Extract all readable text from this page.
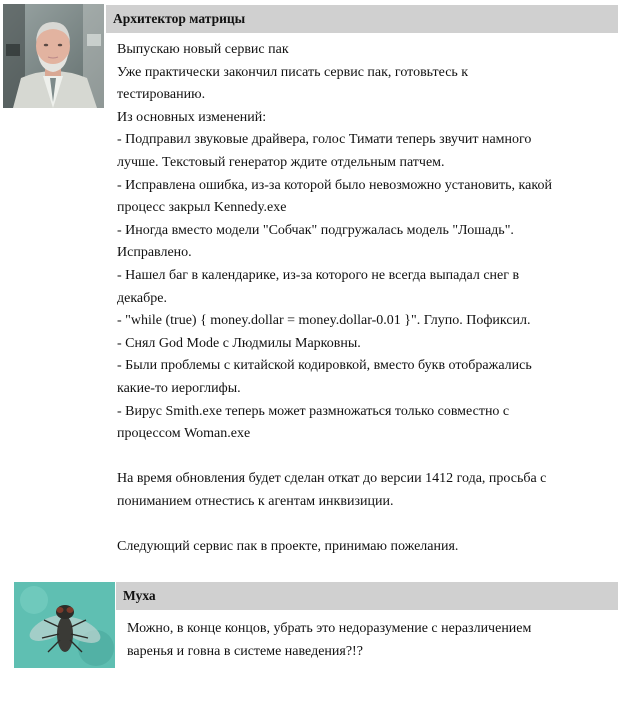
Архитектор матрицы
Выпускаю новый сервис пак
Уже практически закончил писать сервис пак, готовьтесь к
тестированию.
Из основных изменений:
- Подправил звуковые драйвера, голос Тимати теперь звучит намного
лучше. Текстовый генератор ждите отдельным патчем.
- Исправлена ошибка, из-за которой было невозможно установить, какой
процесс закрыл Kennedy.exe
- Иногда вместо модели "Собчак" подгружалась модель "Лошадь".
Исправлено.
- Нашел баг в календарике, из-за которого не всегда выпадал снег в
декабре.
- "while (true) { money.dollar = money.dollar-0.01 }". Глупо. Пофиксил.
- Снял God Mode с Людмилы Марковны.
- Были проблемы с китайской кодировкой, вместо букв отображались
какие-то иероглифы.
- Вирус Smith.exe теперь может размножаться только совместно с
процессом Woman.exe
На время обновления будет сделан откат до версии 1412 года, просьба с
пониманием отнестись к агентам инквизиции.
Следующий сервис пак в проекте, принимаю пожелания.
Муха
Можно, в конце концов, убрать это недоразумение с неразличением
варенья и говна в системе наведения?!?
